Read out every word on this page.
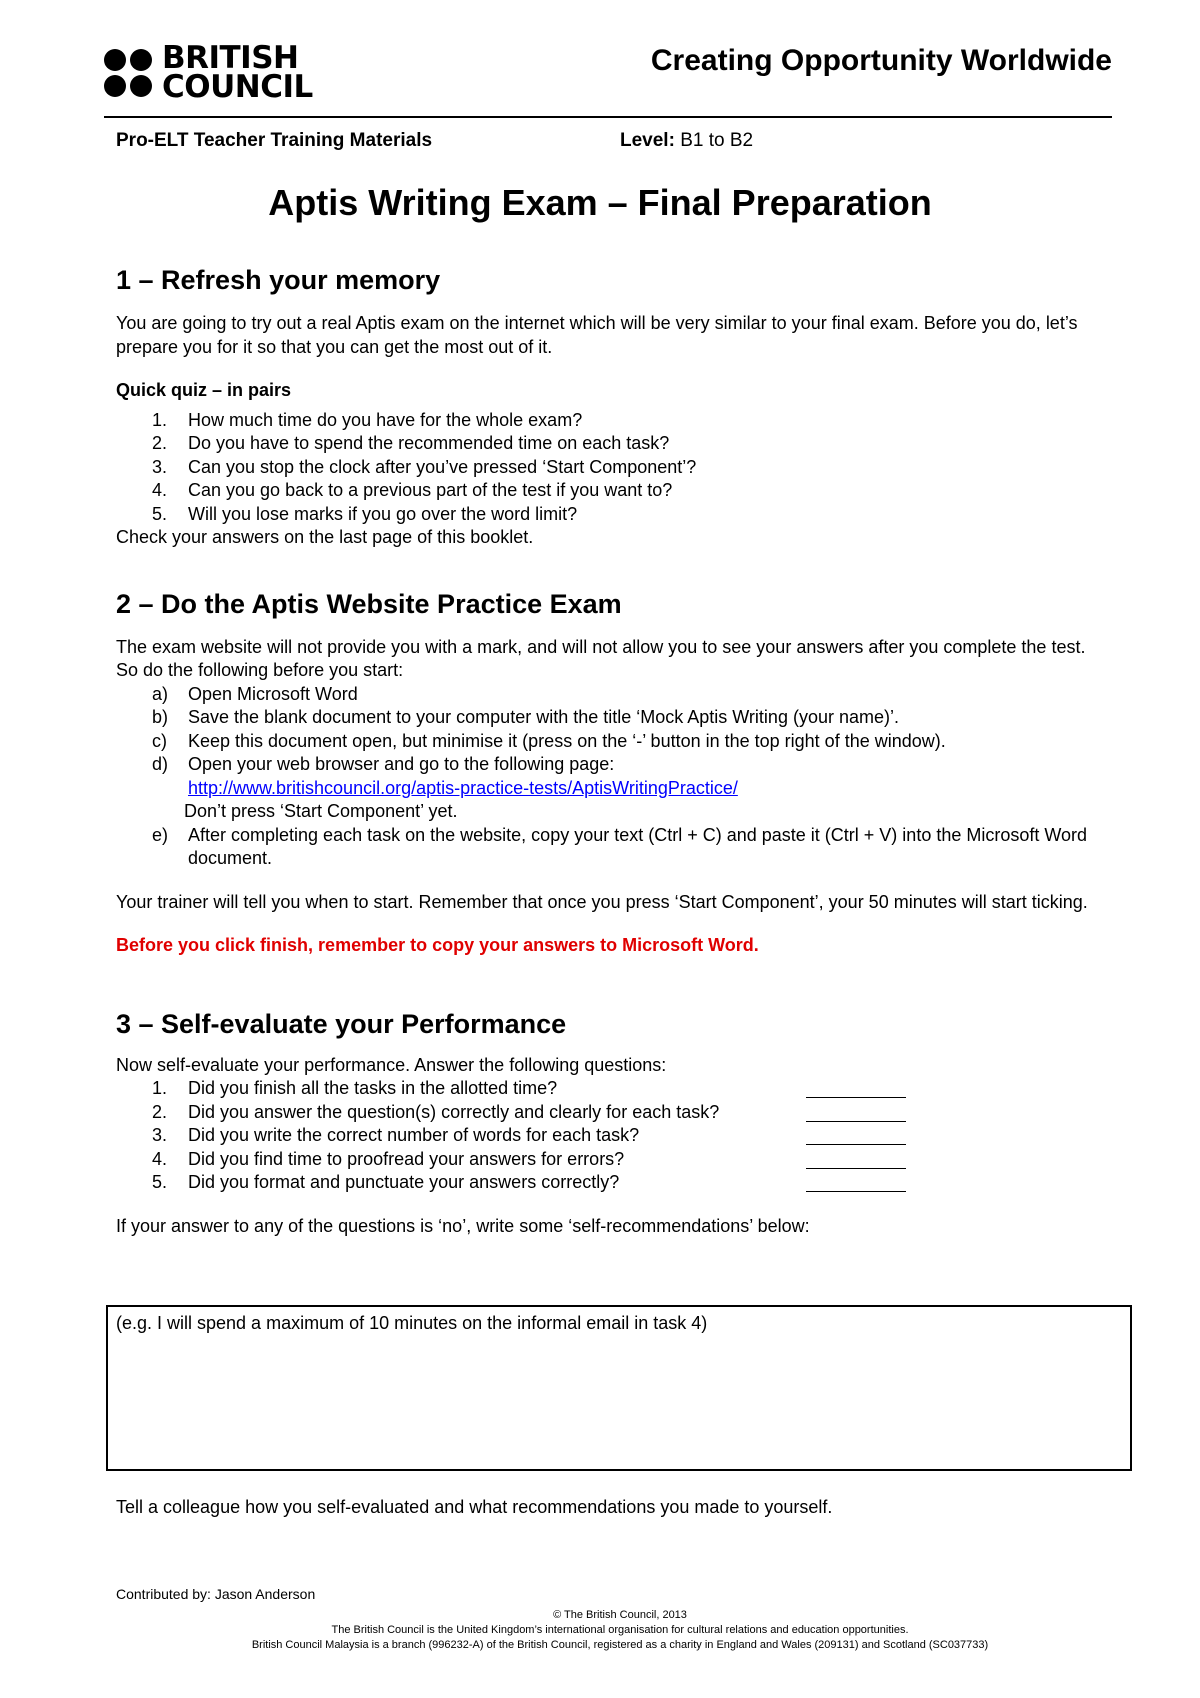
BRITISH
COUNCIL
Creating Opportunity Worldwide
Pro-ELT Teacher Training Materials	Level: B1 to B2
Aptis Writing Exam – Final Preparation
1 – Refresh your memory

You are going to try out a real Aptis exam on the internet which will be very similar to your final exam. Before you do, let’s prepare you for it so that you can get the most out of it.

Quick quiz – in pairs

1.	How much time do you have for the whole exam?
2.	Do you have to spend the recommended time on each task?
3.	Can you stop the clock after you’ve pressed ‘Start Component’?
4.	Can you go back to a previous part of the test if you want to?
5.	Will you lose marks if you go over the word limit?

Check your answers on the last page of this booklet.

2 – Do the Aptis Website Practice Exam

The exam website will not provide you with a mark, and will not allow you to see your answers after you complete the test. So do the following before you start:

a)	Open Microsoft Word
b)	Save the blank document to your computer with the title ‘Mock Aptis Writing (your name)’.
c)	Keep this document open, but minimise it (press on the ‘-’ button in the top right of the window).
d)	Open your web browser and go to the following page:
http://www.britishcouncil.org/aptis-practice-tests/AptisWritingPractice/
Don’t press ‘Start Component’ yet.
e)	After completing each task on the website, copy your text (Ctrl + C) and paste it (Ctrl + V) into the Microsoft Word document.

Your trainer will tell you when to start. Remember that once you press ‘Start Component’, your 50 minutes will start ticking.

Before you click finish, remember to copy your answers to Microsoft Word.

3 – Self-evaluate your Performance

Now self-evaluate your performance. Answer the following questions:

1.	Did you finish all the tasks in the allotted time?
2.	Did you answer the question(s) correctly and clearly for each task?
3.	Did you write the correct number of words for each task?
4.	Did you find time to proofread your answers for errors?
5.	Did you format and punctuate your answers correctly?

If your answer to any of the questions is ‘no’, write some ‘self-recommendations’ below:

(e.g. I will spend a maximum of 10 minutes on the informal email in task 4)
Tell a colleague how you self-evaluated and what recommendations you made to yourself.
Contributed by: Jason Anderson
© The British Council, 2013
The British Council is the United Kingdom’s international organisation for cultural relations and education opportunities.
British Council Malaysia is a branch (996232-A) of the British Council, registered as a charity in England and Wales (209131) and Scotland (SC037733)
